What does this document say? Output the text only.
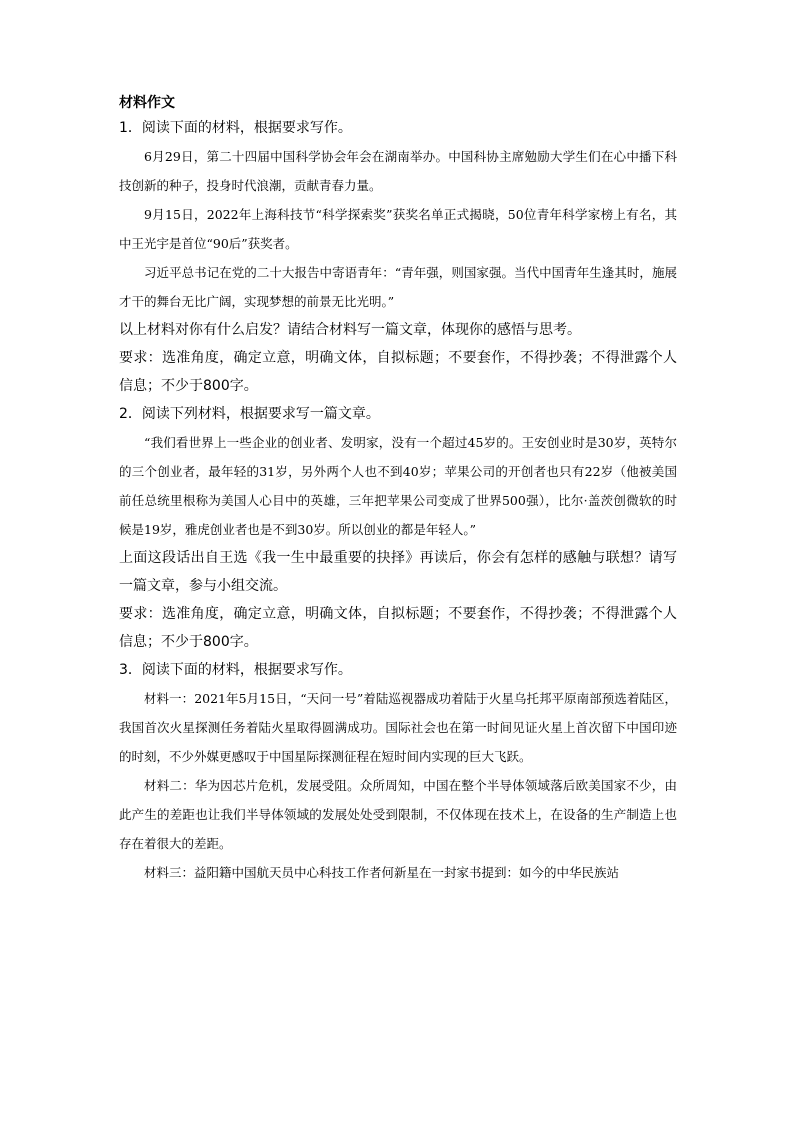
材料作文

1．阅读下面的材料，根据要求写作。

6月29日，第二十四届中国科学协会年会在湖南举办。中国科协主席勉励大学生们在心中播下科技创新的种子，投身时代浪潮，贡献青春力量。

9月15日，2022年上海科技节“科学探索奖”获奖名单正式揭晓，50位青年科学家榜上有名，其中王光宇是首位“90后”获奖者。

习近平总书记在党的二十大报告中寄语青年：“青年强，则国家强。当代中国青年生逢其时，施展才干的舞台无比广阔，实现梦想的前景无比光明。”

以上材料对你有什么启发？请结合材料写一篇文章，体现你的感悟与思考。

要求：选准角度，确定立意，明确文体，自拟标题；不要套作，不得抄袭；不得泄露个人信息；不少于800字。

2．阅读下列材料，根据要求写一篇文章。

“我们看世界上一些企业的创业者、发明家，没有一个超过45岁的。王安创业时是30岁，英特尔的三个创业者，最年轻的31岁，另外两个人也不到40岁；苹果公司的开创者也只有22岁（他被美国前任总统里根称为美国人心目中的英雄，三年把苹果公司变成了世界500强），比尔·盖茨创微软的时候是19岁，雅虎创业者也是不到30岁。所以创业的都是年轻人。”

上面这段话出自王选《我一生中最重要的抉择》再读后，你会有怎样的感触与联想？请写一篇文章，参与小组交流。

要求：选准角度，确定立意，明确文体，自拟标题；不要套作，不得抄袭；不得泄露个人信息；不少于800字。

3．阅读下面的材料，根据要求写作。

材料一：2021年5月15日，“天问一号”着陆巡视器成功着陆于火星乌托邦平原南部预选着陆区，我国首次火星探测任务着陆火星取得圆满成功。国际社会也在第一时间见证火星上首次留下中国印迹的时刻，不少外媒更感叹于中国星际探测征程在短时间内实现的巨大飞跃。

材料二：华为因芯片危机，发展受阻。众所周知，中国在整个半导体领域落后欧美国家不少，由此产生的差距也让我们半导体领域的发展处处受到限制，不仅体现在技术上，在设备的生产制造上也存在着很大的差距。

材料三：益阳籍中国航天员中心科技工作者何新星在一封家书提到：如今的中华民族站
